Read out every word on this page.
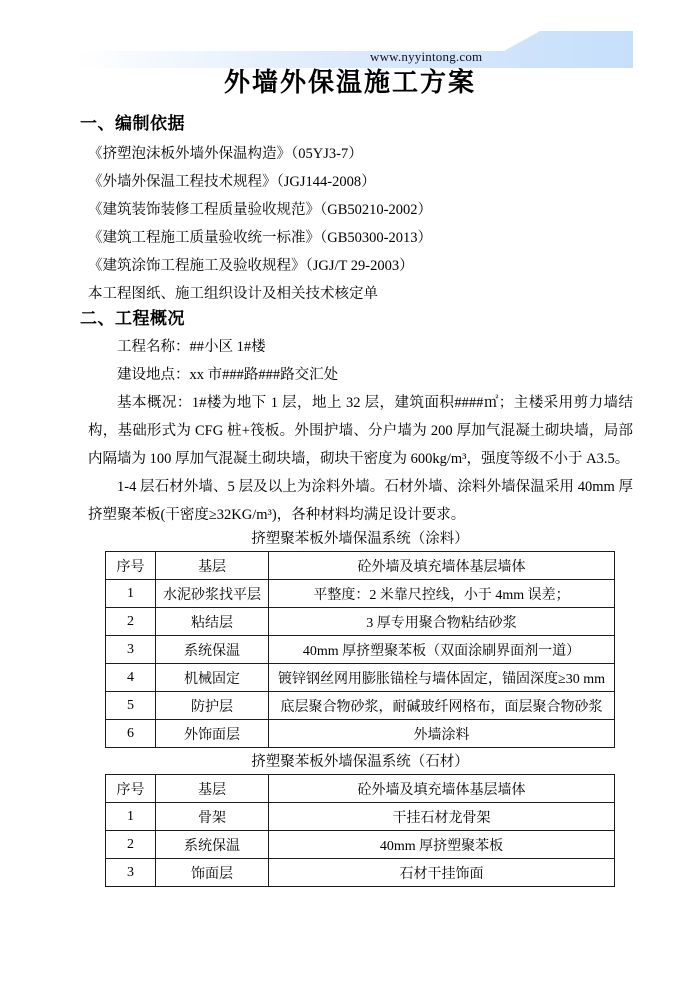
www.nyyintong.com
外墙外保温施工方案
一、编制依据
《挤塑泡沫板外墙外保温构造》（05YJ3-7）
《外墙外保温工程技术规程》（JGJ144-2008）
《建筑装饰装修工程质量验收规范》（GB50210-2002）
《建筑工程施工质量验收统一标准》（GB50300-2013）
《建筑涂饰工程施工及验收规程》（JGJ/T 29-2003）
本工程图纸、施工组织设计及相关技术核定单
二、工程概况

工程名称：##小区 1#楼

建设地点：xx 市###路###路交汇处

基本概况：1#楼为地下 1 层，地上 32 层，建筑面积####㎡；主楼采用剪力墙结构，基础形式为 CFG 桩+筏板。外围护墙、分户墙为 200 厚加气混凝土砌块墙，局部内隔墙为 100 厚加气混凝土砌块墙，砌块干密度为 600kg/m³，强度等级不小于 A3.5。

1-4 层石材外墙、5 层及以上为涂料外墙。石材外墙、涂料外墙保温采用 40mm 厚挤塑聚苯板(干密度≥32KG/m³)，各种材料均满足设计要求。

挤塑聚苯板外墙保温系统（涂料）
序号	基层	砼外墙及填充墙体基层墙体
1	水泥砂浆找平层	平整度：2 米靠尺控线，小于 4mm 误差；
2	粘结层	3 厚专用聚合物粘结砂浆
3	系统保温	40mm 厚挤塑聚苯板（双面涂刷界面剂一道）
4	机械固定	镀锌钢丝网用膨胀锚栓与墙体固定，锚固深度≥30 mm
5	防护层	底层聚合物砂浆，耐碱玻纤网格布，面层聚合物砂浆
6	外饰面层	外墙涂料
挤塑聚苯板外墙保温系统（石材）
序号	基层	砼外墙及填充墙体基层墙体
1	骨架	干挂石材龙骨架
2	系统保温	40mm 厚挤塑聚苯板
3	饰面层	石材干挂饰面
